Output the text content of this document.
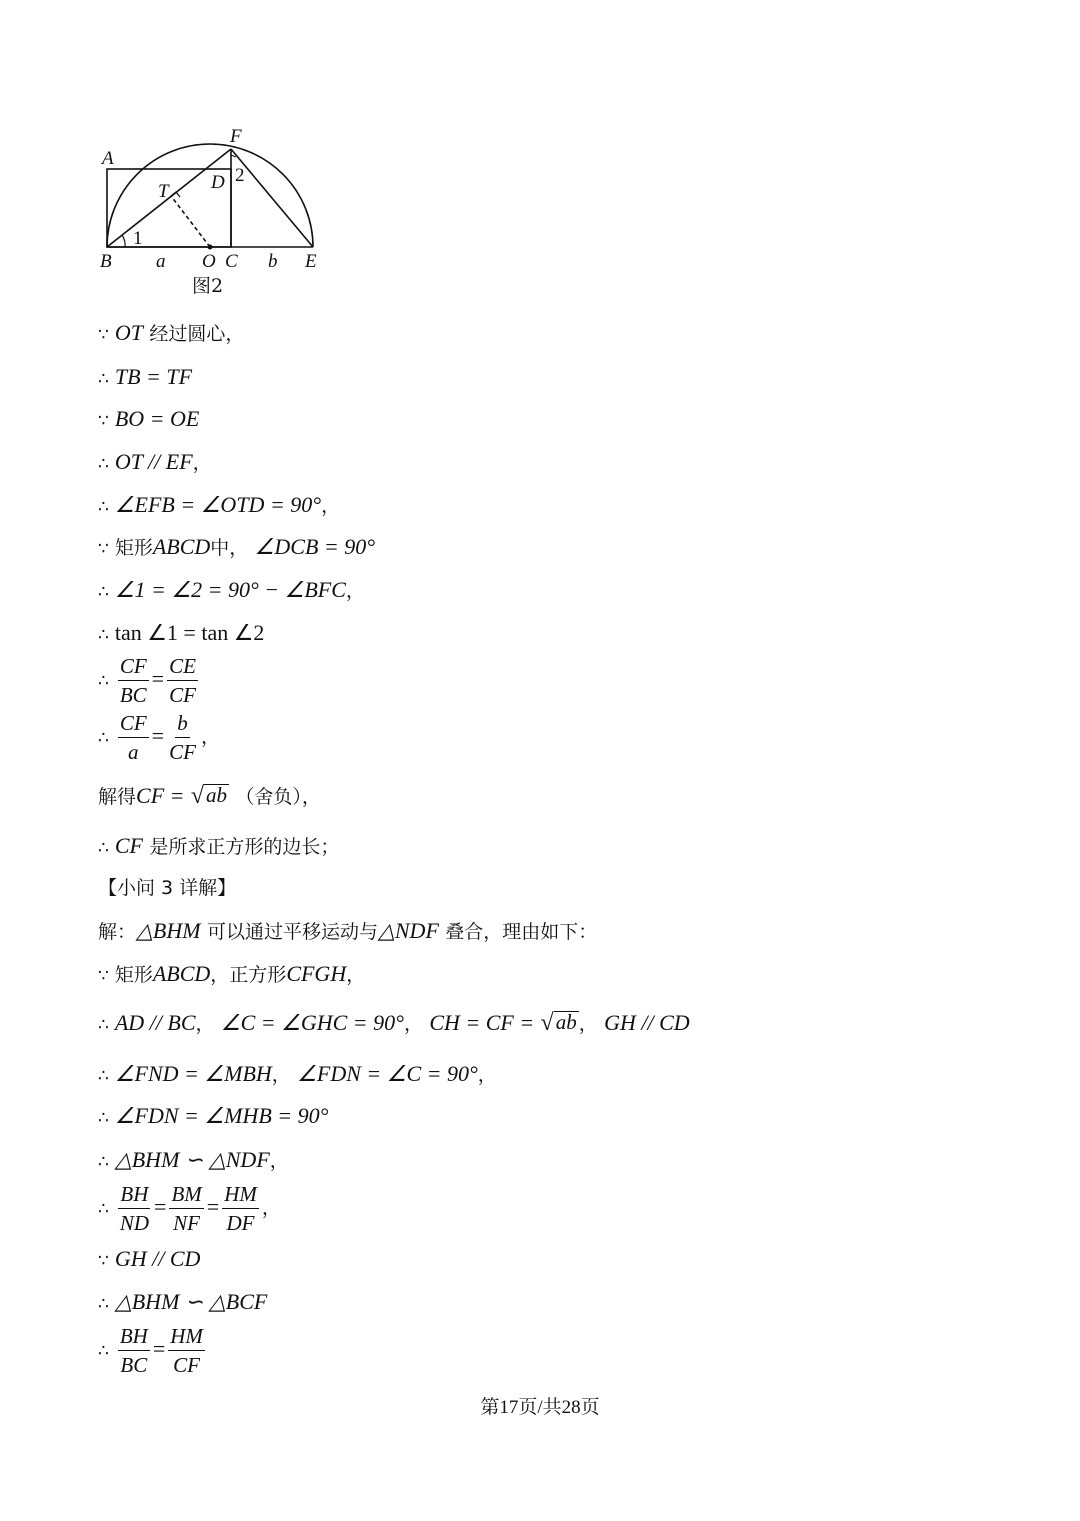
A
F
D
T
2
1
B a O C b E
图2
∵ OT 经过圆心，
∴ TB = TF
∵ BO = OE
∴ OT // EF，
∴ ∠EFB = ∠OTD = 90°，
∵ 矩形ABCD中， ∠DCB = 90°
∴ ∠1 = ∠2 = 90° − ∠BFC，
∴ tan ∠1 = tan ∠2
∴ $\frac{CF}{BC} = \frac{CE}{CF}$
∴ $\frac{CF}{a} = \frac{b}{CF}$ ，
解得CF = √ ab （舍负），
∴ CF 是所求正方形的边长；
【小问 3 详解】
解：△BHM 可以通过平移运动与△NDF 叠合，理由如下：
∵ 矩形ABCD，正方形CFGH，
∴ AD // BC， ∠C = ∠GHC = 90°， CH = CF = √ ab ， GH // CD
∴ ∠FND = ∠MBH， ∠FDN = ∠C = 90°，
∴ ∠FDN = ∠MHB = 90°
∴ △BHM ∽ △NDF，
∴ $\frac{BH}{ND} = \frac{BM}{NF} = \frac{HM}{DF}$ ，
∵ GH // CD
∴ △BHM ∽ △BCF
∴ $\frac{BH}{BC} = \frac{HM}{CF}$
第17页/共28页
